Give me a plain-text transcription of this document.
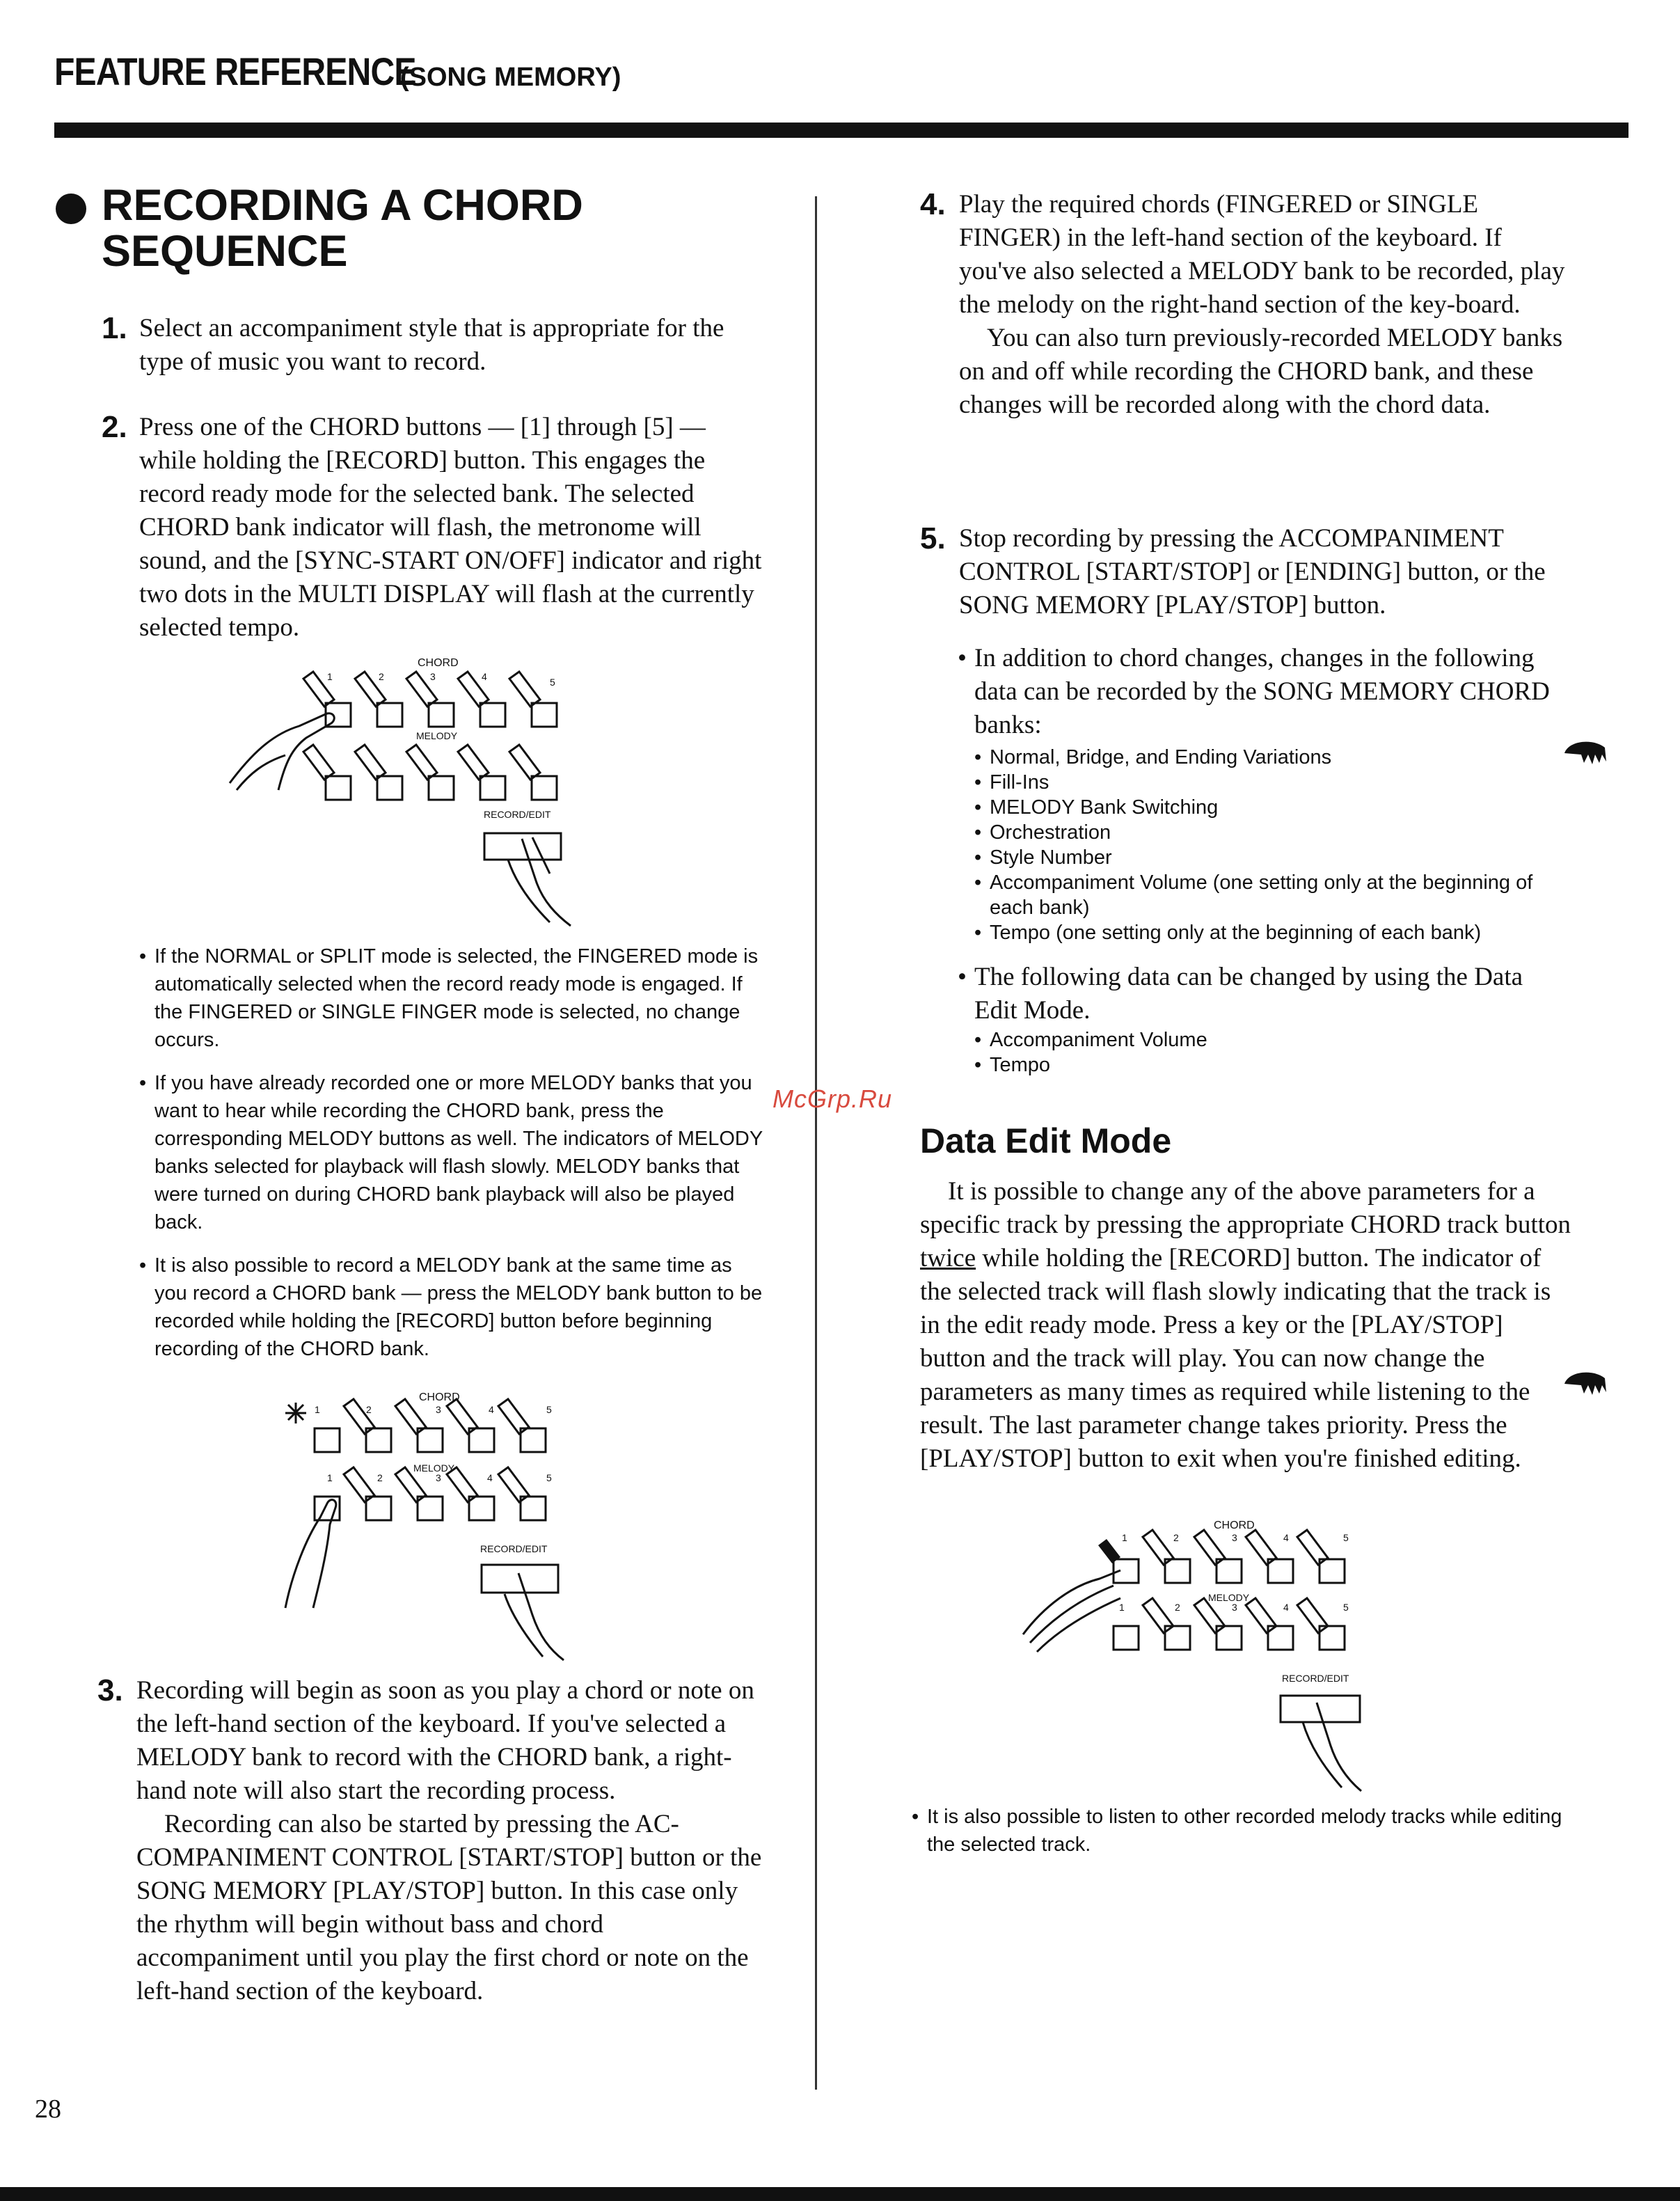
FEATURE REFERENCE
(SONG MEMORY)
RECORDING A CHORD
SEQUENCE
1. Select an accompaniment style that is appropriate for the type of music you want to record.
2. Press one of the CHORD buttons — [1] through [5] — while holding the [RECORD] button. This engages the record ready mode for the selected bank. The selected CHORD bank indicator will flash, the metronome will sound, and the [SYNC-START ON/OFF] indicator and right two dots in the MULTI DISPLAY will flash at the currently selected tempo.
CHORD
MELODY
RECORD/EDIT
1	2	3	4	5
• If the NORMAL or SPLIT mode is selected, the FINGERED mode is automatically selected when the record ready mode is engaged. If the FINGERED or SINGLE FINGER mode is selected, no change occurs.
• If you have already recorded one or more MELODY banks that you want to hear while recording the CHORD bank, press the corresponding MELODY buttons as well. The indicators of MELODY banks selected for playback will flash slowly. MELODY banks that were turned on during CHORD bank playback will also be played back.
• It is also possible to record a MELODY bank at the same time as you record a CHORD bank — press the MELODY bank button to be recorded while holding the [RECORD] button before beginning recording of the CHORD bank.
CHORD
MELODY
RECORD/EDIT
1	2	3	4	5
1	2	3	4	5
3. Recording will begin as soon as you play a chord or note on the left-hand section of the keyboard. If you've selected a MELODY bank to record with the CHORD bank, a right-hand note will also start the recording process.

Recording can also be started by pressing the AC-COMPANIMENT CONTROL [START/STOP] button or the SONG MEMORY [PLAY/STOP] button. In this case only the rhythm will begin without bass and chord accompaniment until you play the first chord or note on the left-hand section of the keyboard.

4. Play the required chords (FINGERED or SINGLE FINGER) in the left-hand section of the keyboard. If you've also selected a MELODY bank to be recorded, play the melody on the right-hand section of the key-board.

You can also turn previously-recorded MELODY banks on and off while recording the CHORD bank, and these changes will be recorded along with the chord data.

5. Stop recording by pressing the ACCOMPANIMENT CONTROL [START/STOP] or [ENDING] button, or the SONG MEMORY [PLAY/STOP] button.
• In addition to chord changes, changes in the following data can be recorded by the SONG MEMORY CHORD banks:
• Normal, Bridge, and Ending Variations
• Fill-Ins
• MELODY Bank Switching
• Orchestration
• Style Number
• Accompaniment Volume (one setting only at the beginning of each bank)
• Tempo (one setting only at the beginning of each bank)
• The following data can be changed by using the Data Edit Mode.
• Accompaniment Volume
• Tempo
McGrp.Ru
Data Edit Mode
It is possible to change any of the above parameters for a specific track by pressing the appropriate CHORD track button twice while holding the [RECORD] button. The indicator of the selected track will flash slowly indicating that the track is in the edit ready mode. Press a key or the [PLAY/STOP] button and the track will play. You can now change the parameters as many times as required while listening to the result. The last parameter change takes priority. Press the [PLAY/STOP] button to exit when you're finished editing.
CHORD
MELODY
RECORD/EDIT
1	2	3	4	5
1	2	3	4	5
• It is also possible to listen to other recorded melody tracks while editing the selected track.
28
